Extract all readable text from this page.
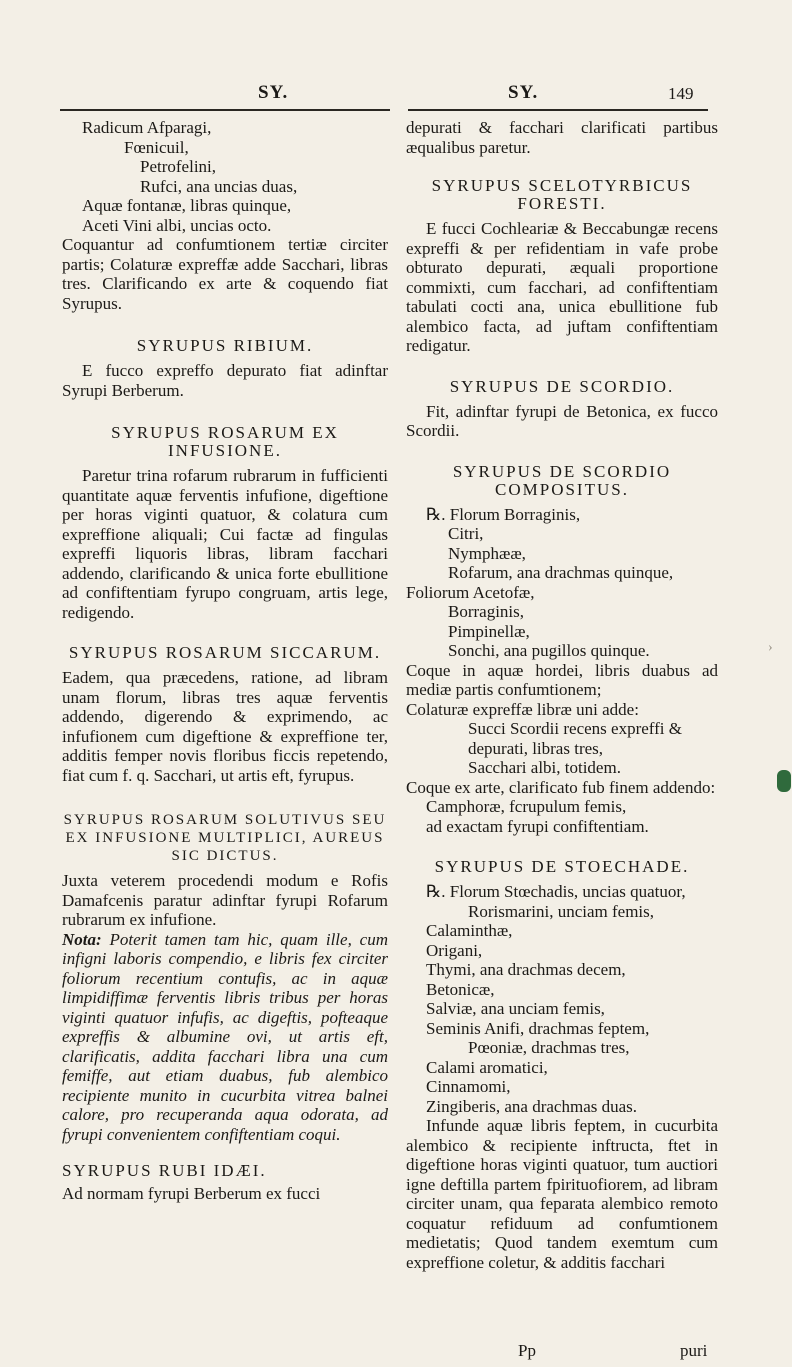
SY.	SY.	149
Radicum Afparagi,
Fœnicuil,
Petrofelini,
Rufci, ana uncias duas,
Aquæ fontanæ, libras quinque,
Aceti Vini albi, uncias octo.

Coquantur ad confumtionem tertiæ circiter partis; Colaturæ expreffæ adde Sacchari, libras tres. Clarificando ex arte & coquendo fiat Syrupus.

SYRUPUS RIBIUM.

E fucco expreffo depurato fiat adinftar Syrupi Berberum.

SYRUPUS ROSARUM EX INFUSIONE.

Paretur trina rofarum rubrarum in fufficienti quantitate aquæ ferventis infufione, digeftione per horas viginti quatuor, & colatura cum expreffione aliquali; Cui factæ ad fingulas expreffi liquoris libras, libram facchari addendo, clarificando & unica forte ebullitione ad confiftentiam fyrupo congruam, artis lege, redigendo.

SYRUPUS ROSARUM SICCARUM.

Eadem, qua præcedens, ratione, ad libram unam florum, libras tres aquæ ferventis addendo, digerendo & exprimendo, ac infufionem cum digeftione & expreffione ter, additis femper novis floribus ficcis repetendo, fiat cum f. q. Sacchari, ut artis eft, fyrupus.

SYRUPUS ROSARUM SOLUTIVUS SEU EX INFUSIONE MULTIPLICI, AUREUS SIC DICTUS.

Juxta veterem procedendi modum e Rofis Damafcenis paratur adinftar fyrupi Rofarum rubrarum ex infufione.

Nota: Poterit tamen tam hic, quam ille, cum infigni laboris compendio, e libris fex circiter foliorum recentium contufis, ac in aquæ limpidiffimæ ferventis libris tribus per horas viginti quatuor infufis, ac digeftis, pofteaque expreffis & albumine ovi, ut artis eft, clarificatis, addita facchari libra una cum femiffe, aut etiam duabus, fub alembico recipiente munito in cucurbita vitrea balnei calore, pro recuperanda aqua odorata, ad fyrupi convenientem confiftentiam coqui.

SYRUPUS RUBI IDÆI.

Ad normam fyrupi Berberum ex fucci

depurati & facchari clarificati partibus æqualibus paretur.

SYRUPUS SCELOTYRBICUS FORESTI.

E fucci Cochleariæ & Beccabungæ recens expreffi & per refidentiam in vafe probe obturato depurati, æquali proportione commixti, cum facchari, ad confiftentiam tabulati cocti ana, unica ebullitione fub alembico facta, ad juftam confiftentiam redigatur.

SYRUPUS DE SCORDIO.

Fit, adinftar fyrupi de Betonica, ex fucco Scordii.

SYRUPUS DE SCORDIO COMPOSITUS.
℞. Florum Borraginis,
Citri,
Nymphææ,
Rofarum, ana drachmas quinque,
Foliorum Acetofæ,
Borraginis,
Pimpinellæ,
Sonchi, ana pugillos quinque.

Coque in aquæ hordei, libris duabus ad mediæ partis confumtionem;

Colaturæ expreffæ libræ uni adde:

Succi Scordii recens expreffi &
depurati, libras tres,
Sacchari albi, totidem.

Coque ex arte, clarificato fub finem addendo:

Camphoræ, fcrupulum femis,
ad exactam fyrupi confiftentiam.
SYRUPUS DE STOECHADE.
℞. Florum Stœchadis, uncias quatuor,
Rorismarini, unciam femis,
Calaminthæ,
Origani,
Thymi, ana drachmas decem,
Betonicæ,
Salviæ, ana unciam femis,
Seminis Anifi, drachmas feptem,
Pœoniæ, drachmas tres,
Calami aromatici,
Cinnamomi,
Zingiberis, ana drachmas duas.

Infunde aquæ libris feptem, in cucurbita alembico & recipiente inftructa, ftet in digeftione horas viginti quatuor, tum auctiori igne deftilla partem fpirituofiorem, ad libram circiter unam, qua feparata alembico remoto coquatur refiduum ad confumtionem medietatis; Quod tandem exemtum cum expreffione coletur, & additis facchari

Pp	puri
›
